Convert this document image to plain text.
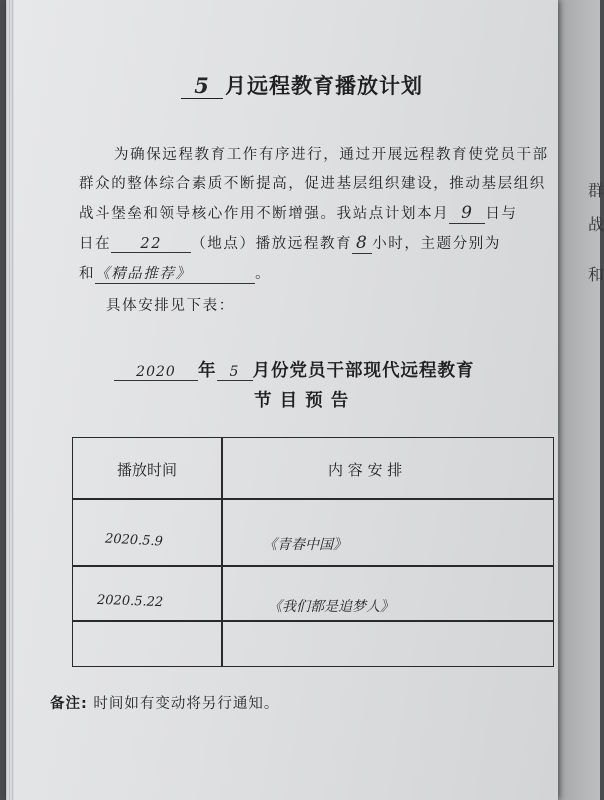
群
战
和
5 月远程教育播放计划
为确保远程教育工作有序进行，通过开展远程教育使党员干部
群众的整体综合素质不断提高，促进基层组织建设，推动基层组织
战斗堡垒和领导核心作用不断增强。我站点计划本月 9 日与
日在 22 （地点）播放远程教育 8 小时，主题分别为
和《精品推荐》	。
具体安排见下表：
2020 年 5 月份党员干部现代远程教育
节 目 预 告
播放时间	内 容 安 排
2020.5.9	《青春中国》
2020.5.22	《我们都是追梦人》
备注: 时间如有变动将另行通知。
